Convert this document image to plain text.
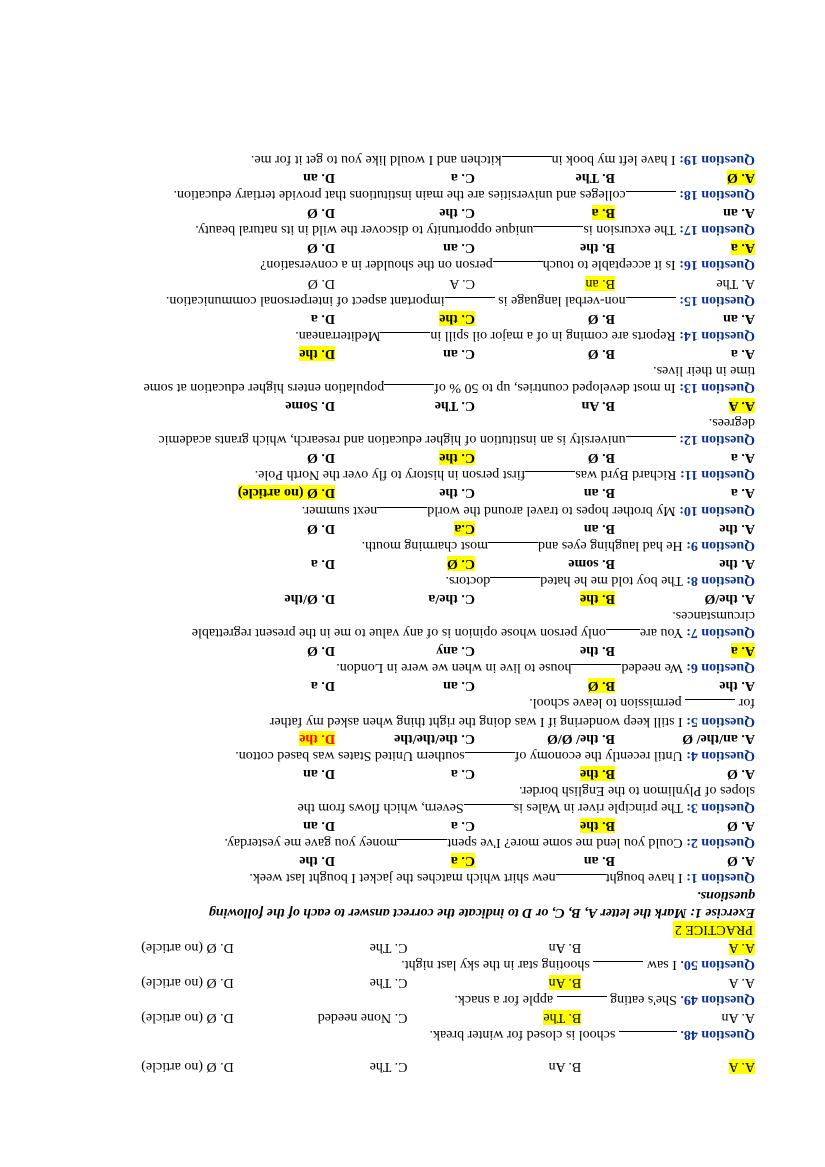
A. A
B. An
C. The
D. Ø (no article)

Question 48.  school is closed for winter break.

A. An
B. The
C. None needed
D. Ø (no article)

Question 49. She's eating  apple for a snack.

A. A
B. An
C. The
D. Ø (no article)

Question 50. I saw  shooting star in the sky last night.

A. A
B. An
C. The
D. Ø (no article)

PRACTICE 2

Exercise 1: Mark the letter A, B, C, or D to indicate the correct answer to each of the following

questions.

Question 1: I have boughtnew shirt which matches the jacket I bought last week.

A. Ø
B. an
C. a
D. the

Question 2: Could you lend me some more? I've spentmoney you gave me yesterday.

A. Ø
B. the
C. a
D. an

Question 3: The principle river in Wales isSevern, which flows from the

slopes of Plynlimon to the English border.

A. Ø
B. the
C. a
D. an

Question 4: Until recently the economy ofsouthern United States was based cotton.

A. an/the/ Ø
B. the/ Ø/Ø
C. the/the/the
D. the

Question 5: I still keep wondering if I was doing the right thing when asked my father

for  permission to leave school.

A. the
B. Ø
C. an
D. a

Question 6: We neededhouse to live in when we were in London.

A. a
B. the
C. any
D. Ø

Question 7: You areonly person whose opinion is of any value to me in the present regrettable

circumstances.

A. the/Ø
B. the
C. the/a
D. Ø/the

Question 8: The boy told me he hateddoctors.

A. the
B. some
C. Ø
D. a

Question 9: He had laughing eyes andmost charming mouth.

A. the
B. an
C.a
D. Ø

Question 10: My brother hopes to travel around the worldnext summer.

A. a
B. an
C. the
D. Ø (no article)

Question 11: Richard Byrd wasfirst person in history to fly over the North Pole.

A. a
B. Ø
C. the
D. Ø

Question 12: university is an institution of higher education and research, which grants academic

degrees.

A. A
B. An
C. The
D. Some

Question 13: In most developed countries, up to 50 % ofpopulation enters higher education at some

time in their lives.

A. a
B. Ø
C. an
D. the

Question 14: Reports are coming in of a major oil spill inMediterranean.

A. an
B. Ø
C. the
D. a

Question 15: non-verbal language is important aspect of interpersonal communication.

A. The
B. an
C. A
D. Ø

Question 16: Is it acceptable to touchperson on the shoulder in a conversation?

A. a
B. the
C. an
D. Ø

Question 17: The excursion isunique opportunity to discover the wild in its natural beauty.

A. an
B. a
C. the
D. Ø

Question 18: colleges and universities are the main institutions that provide tertiary education.

A. Ø
B. The
C. a
D. an

Question 19: I have left my book inkitchen and I would like you to get it for me.
